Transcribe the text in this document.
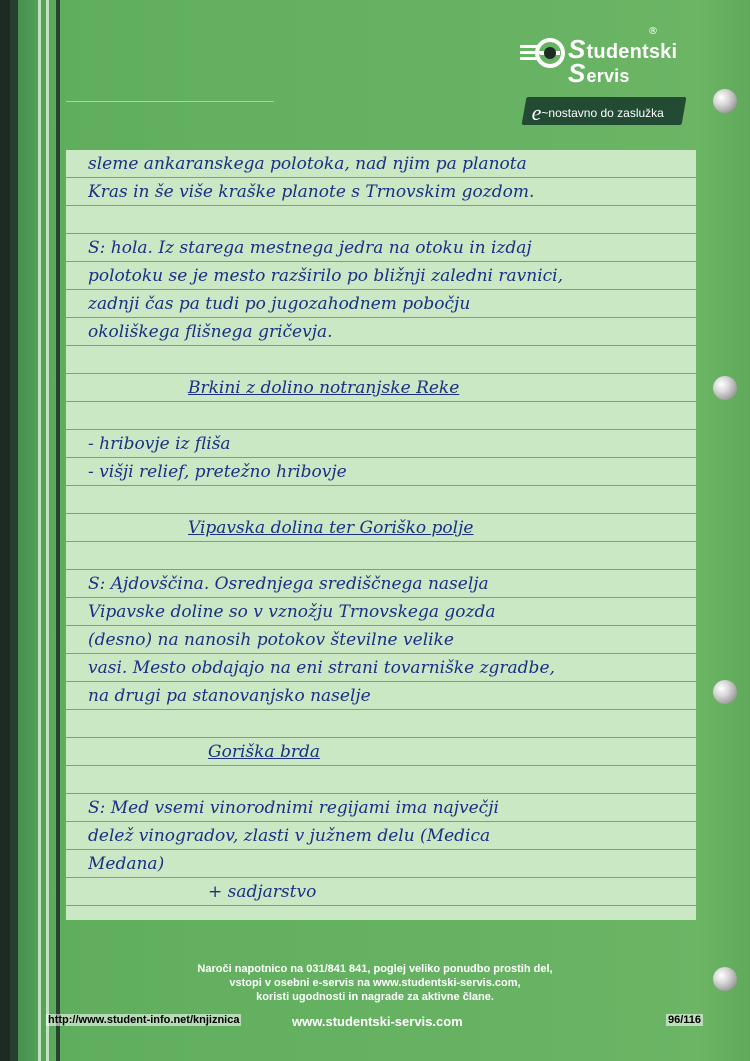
Studentski
Servis
®
e~nostavno do zaslužka
sleme ankaranskega polotoka, nad njim pa planota
Kras in še više kraške planote s Trnovskim gozdom.
S: hola. Iz starega mestnega jedra na otoku in izdaj
polotoku se je mesto razširilo po bližnji zaledni ravnici,
zadnji čas pa tudi po jugozahodnem pobočju
okoliškega flišnega gričevja.
Brkini z dolino notranjske Reke
- hribovje iz fliša
- višji relief, pretežno hribovje
Vipavska dolina ter Goriško polje
S: Ajdovščina. Osrednjega središčnega naselja
Vipavske doline so v vznožju Trnovskega gozda
(desno) na nanosih potokov številne velike
vasi. Mesto obdajajo na eni strani tovarniške zgradbe,
na drugi pa stanovanjsko naselje
Goriška brda
S: Med vsemi vinorodnimi regijami ima največji
delež vinogradov, zlasti v južnem delu (Medica
Medana)
+ sadjarstvo
Naroči napotnico na 031/841 841, poglej veliko ponudbo prostih del,
vstopi v osebni e-servis na www.studentski-servis.com,
koristi ugodnosti in nagrade za aktivne člane.
http://www.student-info.net/knjiznica	www.studentski-servis.com	96/116
